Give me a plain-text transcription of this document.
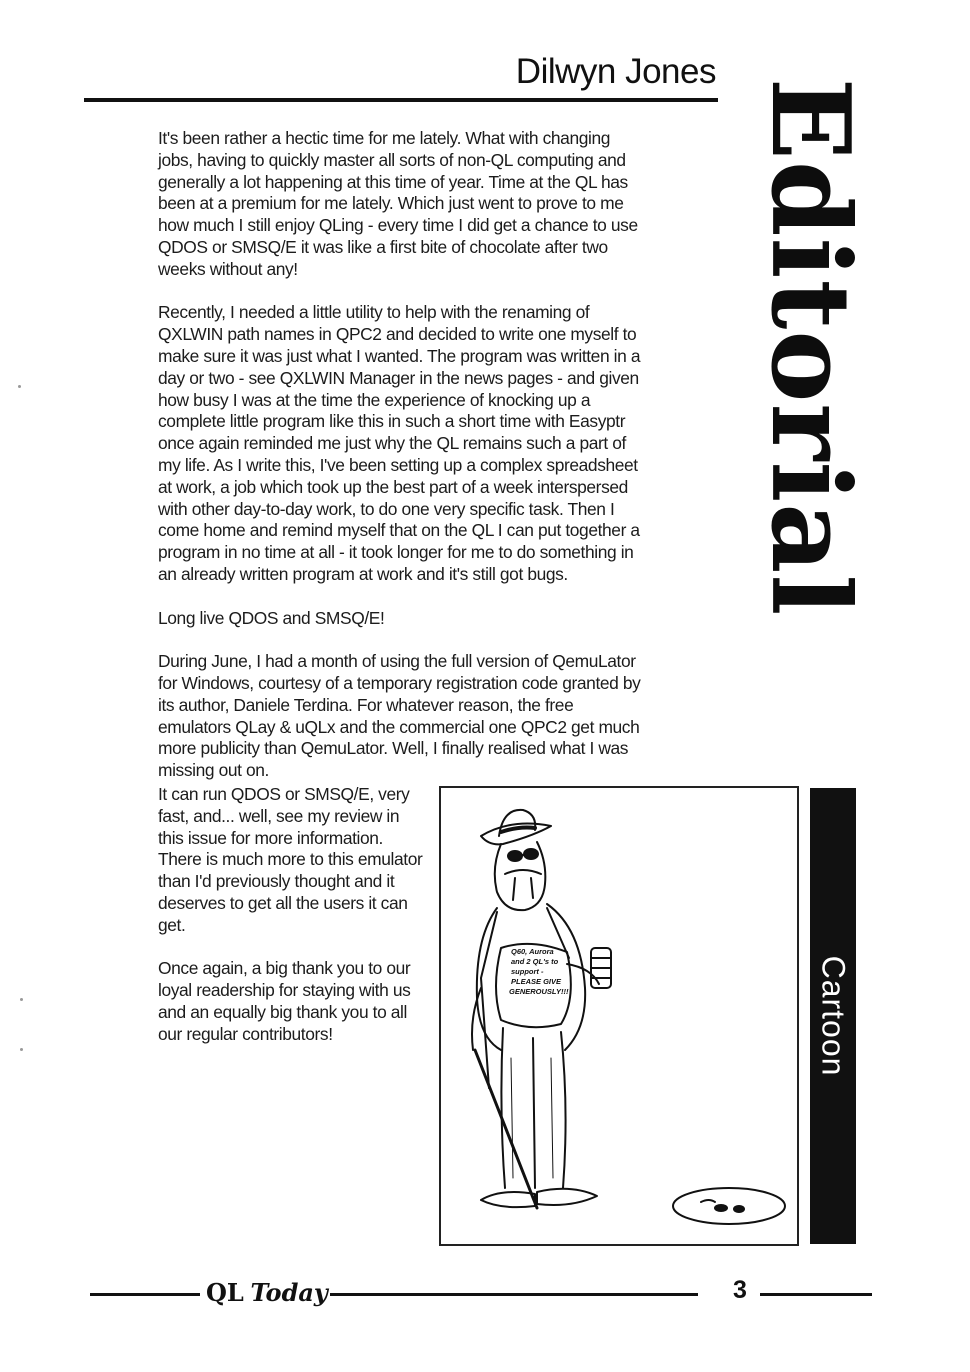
Dilwyn Jones
Editorial

It's been rather a hectic time for me lately. What with changing jobs, having to quickly master all sorts of non-QL computing and generally a lot happening at this time of year. Time at the QL has been at a premium for me lately. Which just went to prove to me how much I still enjoy QLing - every time I did get a chance to use QDOS or SMSQ/E it was like a first bite of chocolate after two weeks without any!

Recently, I needed a little utility to help with the renaming of QXLWIN path names in QPC2 and decided to write one myself to make sure it was just what I wanted. The program was written in a day or two - see QXLWIN Manager in the news pages - and given how busy I was at the time the experience of knocking up a complete little program like this in such a short time with Easyptr once again reminded me just why the QL remains such a part of my life. As I write this, I've been setting up a complex spreadsheet at work, a job which took up the best part of a week interspersed with other day-to-day work, to do one very specific task. Then I come home and remind myself that on the QL I can put together a program in no time at all - it took longer for me to do something in an already written program at work and it's still got bugs.

Long live QDOS and SMSQ/E!

During June, I had a month of using the full version of QemuLator for Windows, courtesy of a temporary registration code granted by its author, Daniele Terdina. For whatever reason, the free emulators QLay & uQLx and the commercial one QPC2 get much more publicity than QemuLator. Well, I finally realised what I was missing out on.

It can run QDOS or SMSQ/E, very fast, and... well, see my review in this issue for more information. There is much more to this emulator than I'd previously thought and it deserves to get all the users it can get.

Once again, a big thank you to our loyal readership for staying with us and an equally big thank you to all our regular contributors!

Q60, Aurora
and 2 QL's to
support -
PLEASE GIVE
GENEROUSLY!!!	Cartoon
QL Today	3
